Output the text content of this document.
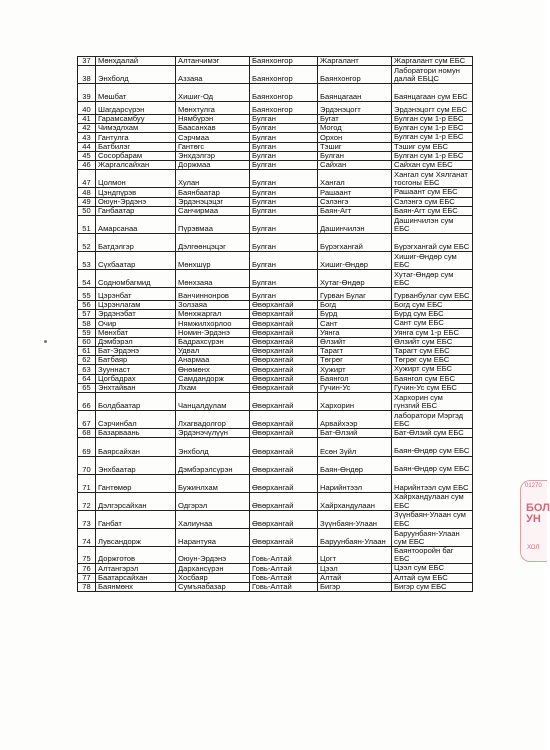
37	Мөнхдалай	Алтанчимэг	Баянхонгор	Жаргалант	Жаргалант сум ЕБС
38	Энхболд	Аззаяа	Баянхонгор	Баянхонгор	Лаборатори номун далай ЕБЦС
39	Мөшбат	Хишиг-Од	Баянхонгор	Баянцагаан	Баянцагаан сум ЕБС
40	Шагдарсүрэн	Мөнхтулга	Баянхонгор	Эрдэнэцогт	Эрдэнэцогт сум ЕБС
41	Гарамсамбуу	Нямбүрэн	Булган	Бугат	Булган сум 1-р ЕБС
42	Чимэдлхам	Баасанхав	Булган	Могод	Булган сум 1-р ЕБС
43	Гантулга	Сэрчмаа	Булган	Орхон	Булган сум 1-р ЕБС
44	Батбилэг	Гантөгс	Булган	Тэшиг	Тэшиг сум ЕБС
45	Сосорбарам	Энхдэлгэр	Булган	Булган	Булган сум 1-р ЕБС
46	Жаргалсайхан	Доржмаа	Булган	Сайхан	Сайхан сум ЕБС
47	Цолмон	Хулан	Булган	Хангал	Хангал сум Хялганат тосгоны ЕБС
48	Цэндпүрэв	Баянбаатар	Булган	Рашаант	Рашаант сум ЕБС
49	Оюун-Эрдэнэ	Эрдэнэцэцэг	Булган	Сэлэнгэ	Сэлэнгэ сум ЕБС
50	Ганбаатар	Санчирмаа	Булган	Баян-Агт	Баян-Агт сум ЕБС
51	Амарсанаа	Пүрэвмаа	Булган	Дашинчилэн	Дашинчилэн сум ЕБС
52	Батдэлгэр	Дэлгөөнцэцэг	Булган	Бүрэгхангай	Бүрэгхангай сум ЕБС
53	Сүхбаатар	Мөнхшүр	Булган	Хишиг-Өндөр	Хишиг-Өндөр сум ЕБС
54	Содномбагмид	Мөнхзаяа	Булган	Хутаг-Өндөр	Хутаг-Өндөр сум ЕБС
55	Цэрэнбат	Ванчиннонров	Булган	Гурван Булаг	Гурванбулаг сум ЕБС
56	Цэрэнлагам	Золзаяа	Өвөрхангай	Богд	Богд сум ЕБС
57	Эрдэнэбат	Мөнхжаргал	Өвөрхангай	Бүрд	Бүрд сум ЕБС
58	Очир	Нямжилхорлоо	Өвөрхангай	Сант	Сант сум ЕБС
59	Мөнхбат	Номин-Эрдэнэ	Өвөрхангай	Уянга	Уянга сум 1-р ЕБС
60	Дэмбэрэл	Бадрахсүрэн	Өвөрхангай	Өлзийт	Өлзийт сум ЕБС
61	Бат-Эрдэнэ	Удвал	Өвөрхангай	Тарагт	Тарагт сум ЕБС
62	Батбаяр	Анармаа	Өвөрхангай	Төгрөг	Төгрөг сум ЕБС
63	Зууннаст	Өнөмөнх	Өвөрхангай	Хужирт	Хужирт сум ЕБС
64	Цогбадрах	Самдандорж	Өвөрхангай	Баянгол	Баянгол сум ЕБС
65	Энхтайван	Лхам	Өвөрхангай	Гучин-Ус	Гучин-Ус сум ЕБС
66	Болдбаатар	Чанцалдулам	Өвөрхангай	Хархорин	Хархорин сум гүнзгий ЕБС
67	Сэрчинбал	Лхагвадолгор	Өвөрхангай	Арвайхээр	лаборатори Мэргэд ЕБС
68	Базарваань	Эрдэнэчүлүүн	Өвөрхангай	Бат-Өлзий	Бат-Өлзий сум ЕБС
69	Баярсайхан	Энхболд	Өвөрхангай	Есөн Зүйл	Баян-Өндөр сум ЕБС
70	Энхбаатар	Дэмбэрэлсүрэн	Өвөрхангай	Баян-Өндөр	Баян-Өндөр сум ЕБС
71	Гантөмөр	Бужинлхам	Өвөрхангай	Нарийнтээл	Нарийнтээл сум ЕБС
72	Дэлгэрсайхан	Одгэрэл	Өвөрхангай	Хайрхандулаан	Хайрхандулаан сум ЕБС
73	Ганбат	Халиунаа	Өвөрхангай	Зүүнбаян-Улаан	Зүүнбаян-Улаан сум ЕБС
74	Лувсандорж	Нарантуяа	Өвөрхангай	Баруунбаян-Улаан	Баруунбаян-Улаан сум ЕБС
75	Доржготов	Оюун-Эрдэнэ	Говь-Алтай	Цогт	Баянтооройн баг ЕБС
76	Алтангэрэл	Дархансүрэн	Говь-Алтай	Цээл	Цээл сум ЕБС
77	Баатарсайхан	Хосбаяр	Говь-Алтай	Алтай	Алтай сум ЕБС
78	Баянмөнх	Сумъяабазар	Говь-Алтай	Бигэр	Бигэр сум ЕБС
01270
БОЛ
УН
ХОЛ
